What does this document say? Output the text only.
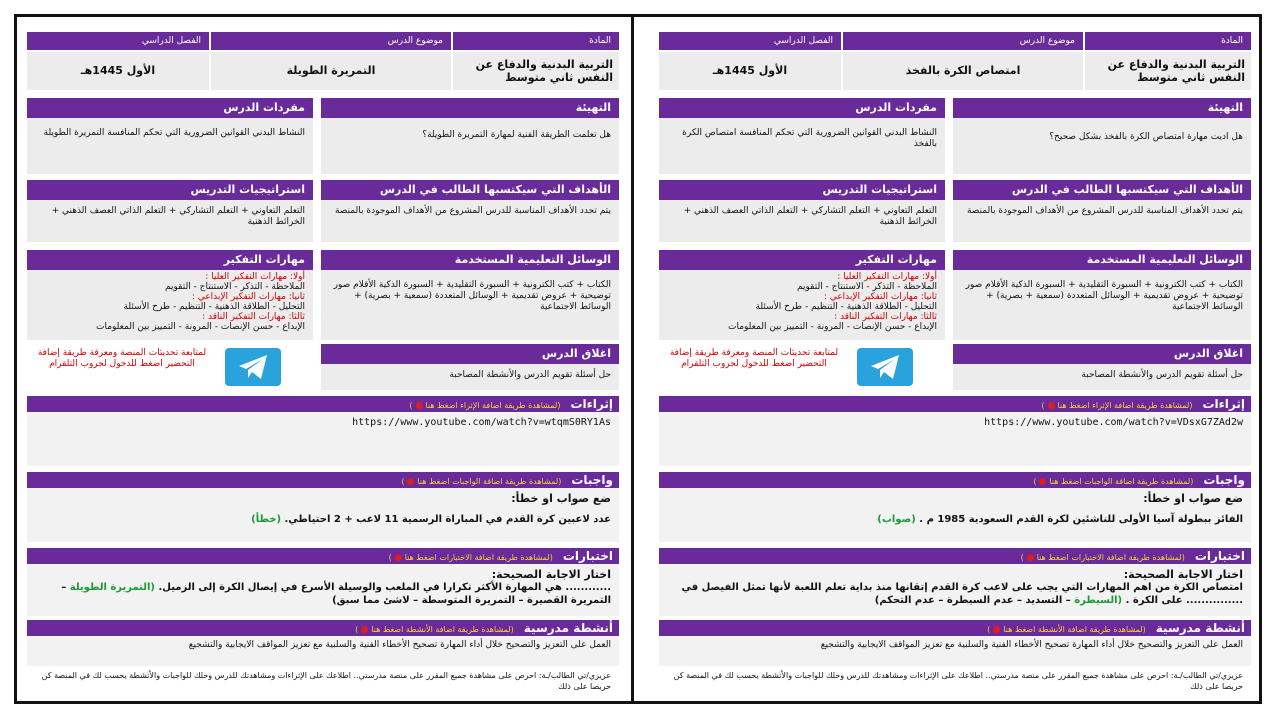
المادة
موضوع الدرس
الفصل الدراسي
التربية البدنية والدفاع عن النفس ثاني متوسط
التمريرة الطويلة
الأول 1445هـ
التهيئة
هل تعلمت الطريقة الفنية لمهارة التمريرة الطويلة؟
مفردات الدرس
النشاط البدني القوانين الضرورية التي تحكم المنافسة التمريرة الطويلة
الأهداف التي سيكتسبها الطالب في الدرس
يتم تحدد الأهداف المناسبة للدرس المشروع من الأهداف الموجودة بالمنصة
استراتيجيات التدريس
التعلم التعاوني + التعلم التشاركي + التعلم الذاتي العصف الذهني + الخرائط الذهنية
الوسائل التعليمية المستخدمة
الكتاب + كتب الكترونية + السبورة التقليدية + السبورة الذكية الأقلام صور توضيحية + عروض تقديمية + الوسائل المتعددة (سمعية + بصرية) + الوسائط الاجتماعية
مهارات التفكير
أولا: مهارات التفكير العليا :
الملاحظة - التذكر - الاستنتاج - التقويم
ثانيا: مهارات التفكير الإبداعي :
التحليل - الطلاقة الذهنية - التنظيم - طرح الأسئلة
ثالثا: مهارات التفكير الناقد :
الإبداع - حسن الإنصات - المرونة - التمييز بين المعلومات
اغلاق الدرس
حل أسئلة تقويم الدرس والأنشطة المصاحبة
لمتابعة تحديثات المنصة ومعرفة طريقة إضافة التحضير اضغط للدخول لجروب التلقرام
إثراءات(لمشاهدة طريقة اضافة الإثراء اضغط هنا)
https://www.youtube.com/watch?v=wtqmS0RY1As
واجبات(لمشاهدة طريقة اضافة الواجبات اضغط هنا)
ضع صواب او خطأ:
عدد لاعبين كرة القدم في المباراة الرسمية 11 لاعب + 2 احتياطي. (خطأ)
اختبارات(لمشاهدة طريقة اضافة الاختبارات اضغط هنا)
اختار الاجابة الصحيحة:
............ هي المهارة الأكثر تكرارا في الملعب والوسيلة الأسرع في إيصال الكرة إلى الزميل. (التمريرة الطويلة – التمريرة القصيرة – التمريرة المتوسطة – لاشئ مما سبق)
أنشطة مدرسية(لمشاهدة طريقة اضافة الأنشطة اضغط هنا)
العمل على التعزيز والتصحيح خلال أداء المهارة تصحيح الأخطاء الفنية والسلبية مع تعزيز المواقف الايجابية والتشجيع
عزيزي/تي الطالب/ـة: احرص على مشاهدة جميع المقرر على منصة مدرستي.. اطلاعك على الإثراءات ومشاهدتك للدرس وحلك للواجبات والأنشطة يحسب لك في المنصة كن حريصا على ذلك
المادة
موضوع الدرس
الفصل الدراسي
التربية البدنية والدفاع عن النفس ثاني متوسط
امتصاص الكرة بالفخذ
الأول 1445هـ
التهيئة
هل اديت مهارة امتصاص الكرة بالفخذ بشكل صحيح؟
مفردات الدرس
النشاط البدني القوانين الضرورية التي تحكم المنافسة امتصاص الكرة بالفخذ
الأهداف التي سيكتسبها الطالب في الدرس
يتم تحدد الأهداف المناسبة للدرس المشروع من الأهداف الموجودة بالمنصة
استراتيجيات التدريس
التعلم التعاوني + التعلم التشاركي + التعلم الذاتي العصف الذهني + الخرائط الذهنية
الوسائل التعليمية المستخدمة
الكتاب + كتب الكترونية + السبورة التقليدية + السبورة الذكية الأقلام صور توضيحية + عروض تقديمية + الوسائل المتعددة (سمعية + بصرية) + الوسائط الاجتماعية
مهارات التفكير
أولا: مهارات التفكير العليا :
الملاحظة - التذكر - الاستنتاج - التقويم
ثانيا: مهارات التفكير الإبداعي :
التحليل - الطلاقة الذهنية - التنظيم - طرح الأسئلة
ثالثا: مهارات التفكير الناقد :
الإبداع - حسن الإنصات - المرونة - التمييز بين المعلومات
اغلاق الدرس
حل أسئلة تقويم الدرس والأنشطة المصاحبة
لمتابعة تحديثات المنصة ومعرفة طريقة إضافة التحضير اضغط للدخول لجروب التلقرام
إثراءات(لمشاهدة طريقة اضافة الإثراء اضغط هنا)
https://www.youtube.com/watch?v=VDsxG7ZAd2w
واجبات(لمشاهدة طريقة اضافة الواجبات اضغط هنا)
ضع صواب او خطأ:
الفائز ببطولة آسيا الأولى للناشئين لكرة القدم السعودية 1985 م . (صواب)
اختبارات(لمشاهدة طريقة اضافة الاختبارات اضغط هنا)
اختار الاجابة الصحيحة:
امتصاص الكرة من اهم المهارات التي يجب على لاعب كرة القدم إتقانها منذ بداية تعلم اللعبة لأنها تمثل الفيصل في ............... على الكرة . (السيطرة – التسديد – عدم السيطرة – عدم التحكم)
أنشطة مدرسية(لمشاهدة طريقة اضافة الأنشطة اضغط هنا)
العمل على التعزيز والتصحيح خلال أداء المهارة تصحيح الأخطاء الفنية والسلبية مع تعزيز المواقف الايجابية والتشجيع
عزيزي/تي الطالب/ـة: احرص على مشاهدة جميع المقرر على منصة مدرستي.. اطلاعك على الإثراءات ومشاهدتك للدرس وحلك للواجبات والأنشطة يحسب لك في المنصة كن حريصا على ذلك
